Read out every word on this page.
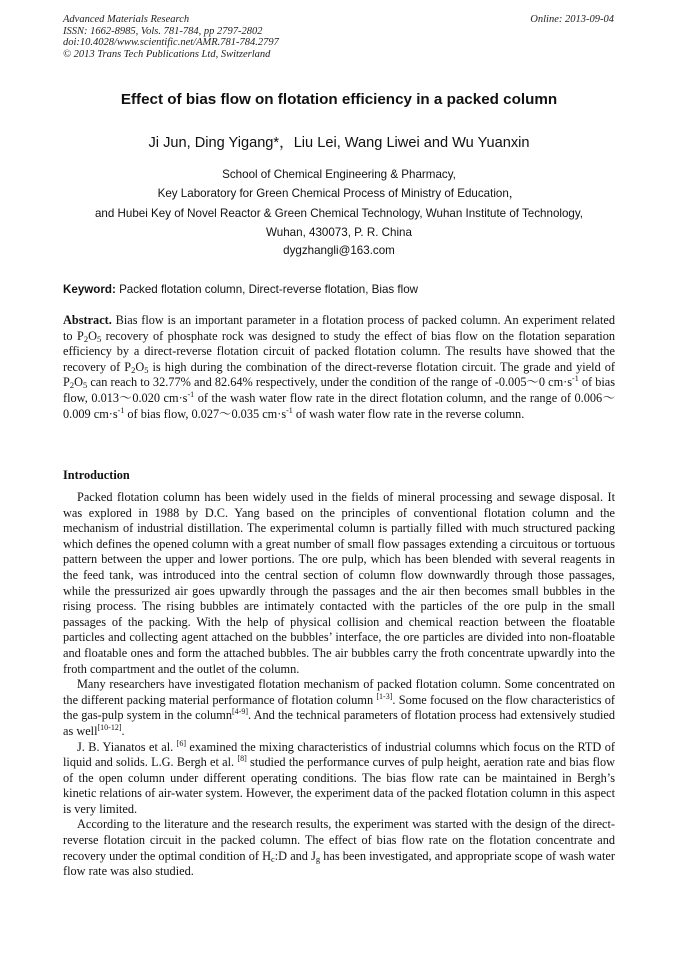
Advanced Materials Research
ISSN: 1662-8985, Vols. 781-784, pp 2797-2802
doi:10.4028/www.scientific.net/AMR.781-784.2797
© 2013 Trans Tech Publications Ltd, Switzerland
Online: 2013-09-04
Effect of bias flow on flotation efficiency in a packed column
Ji Jun, Ding Yigang*，Liu Lei, Wang Liwei and Wu Yuanxin
School of Chemical Engineering & Pharmacy,
Key Laboratory for Green Chemical Process of Ministry of Education，
and Hubei Key of Novel Reactor & Green Chemical Technology, Wuhan Institute of Technology,
Wuhan, 430073, P. R. China
dygzhangli@163.com
Keyword: Packed flotation column, Direct-reverse flotation, Bias flow
Abstract. Bias flow is an important parameter in a flotation process of packed column. An experiment related to $P_2O_5$ recovery of phosphate rock was designed to study the effect of bias flow on the flotation separation efficiency by a direct-reverse flotation circuit of packed flotation column. The results have showed that the recovery of $P_2O_5$ is high during the combination of the direct-reverse flotation circuit. The grade and yield of $P_2O_5$ can reach to 32.77% and 82.64% respectively, under the condition of the range of -0.005～0 $cm\cdot s^{-1}$ of bias flow, 0.013～0.020 $cm\cdot s^{-1}$ of the wash water flow rate in the direct flotation column, and the range of 0.006～0.009 $cm\cdot s^{-1}$ of bias flow, 0.027～0.035 $cm\cdot s^{-1}$ of wash water flow rate in the reverse column.
Introduction

Packed flotation column has been widely used in the fields of mineral processing and sewage disposal. It was explored in 1988 by D.C. Yang based on the principles of conventional flotation column and the mechanism of industrial distillation. The experimental column is partially filled with much structured packing which defines the opened column with a great number of small flow passages extending a circuitous or tortuous pattern between the upper and lower portions. The ore pulp, which has been blended with several reagents in the feed tank, was introduced into the central section of column flow downwardly through those passages, while the pressurized air goes upwardly through the passages and the air then becomes small bubbles in the rising process. The rising bubbles are intimately contacted with the particles of the ore pulp in the small passages of the packing. With the help of physical collision and chemical reaction between the floatable particles and collecting agent attached on the bubbles’ interface, the ore particles are divided into non-floatable and floatable ones and form the attached bubbles. The air bubbles carry the froth concentrate upwardly into the froth compartment and the outlet of the column.

Many researchers have investigated flotation mechanism of packed flotation column. Some concentrated on the different packing material performance of flotation column [1-3]. Some focused on the flow characteristics of the gas-pulp system in the column[4-9]. And the technical parameters of flotation process had extensively studied as well[10-12].

J. B. Yianatos et al. [6] examined the mixing characteristics of industrial columns which focus on the RTD of liquid and solids. L.G. Bergh et al. [8] studied the performance curves of pulp height, aeration rate and bias flow of the open column under different operating conditions. The bias flow rate can be maintained in Bergh’s kinetic relations of air-water system. However, the experiment data of the packed flotation column in this aspect is very limited.

According to the literature and the research results, the experiment was started with the design of the direct-reverse flotation circuit in the packed column. The effect of bias flow rate on the flotation concentrate and recovery under the optimal condition of $H_c:D$ and $J_g$ has been investigated, and appropriate scope of wash water flow rate was also studied.
